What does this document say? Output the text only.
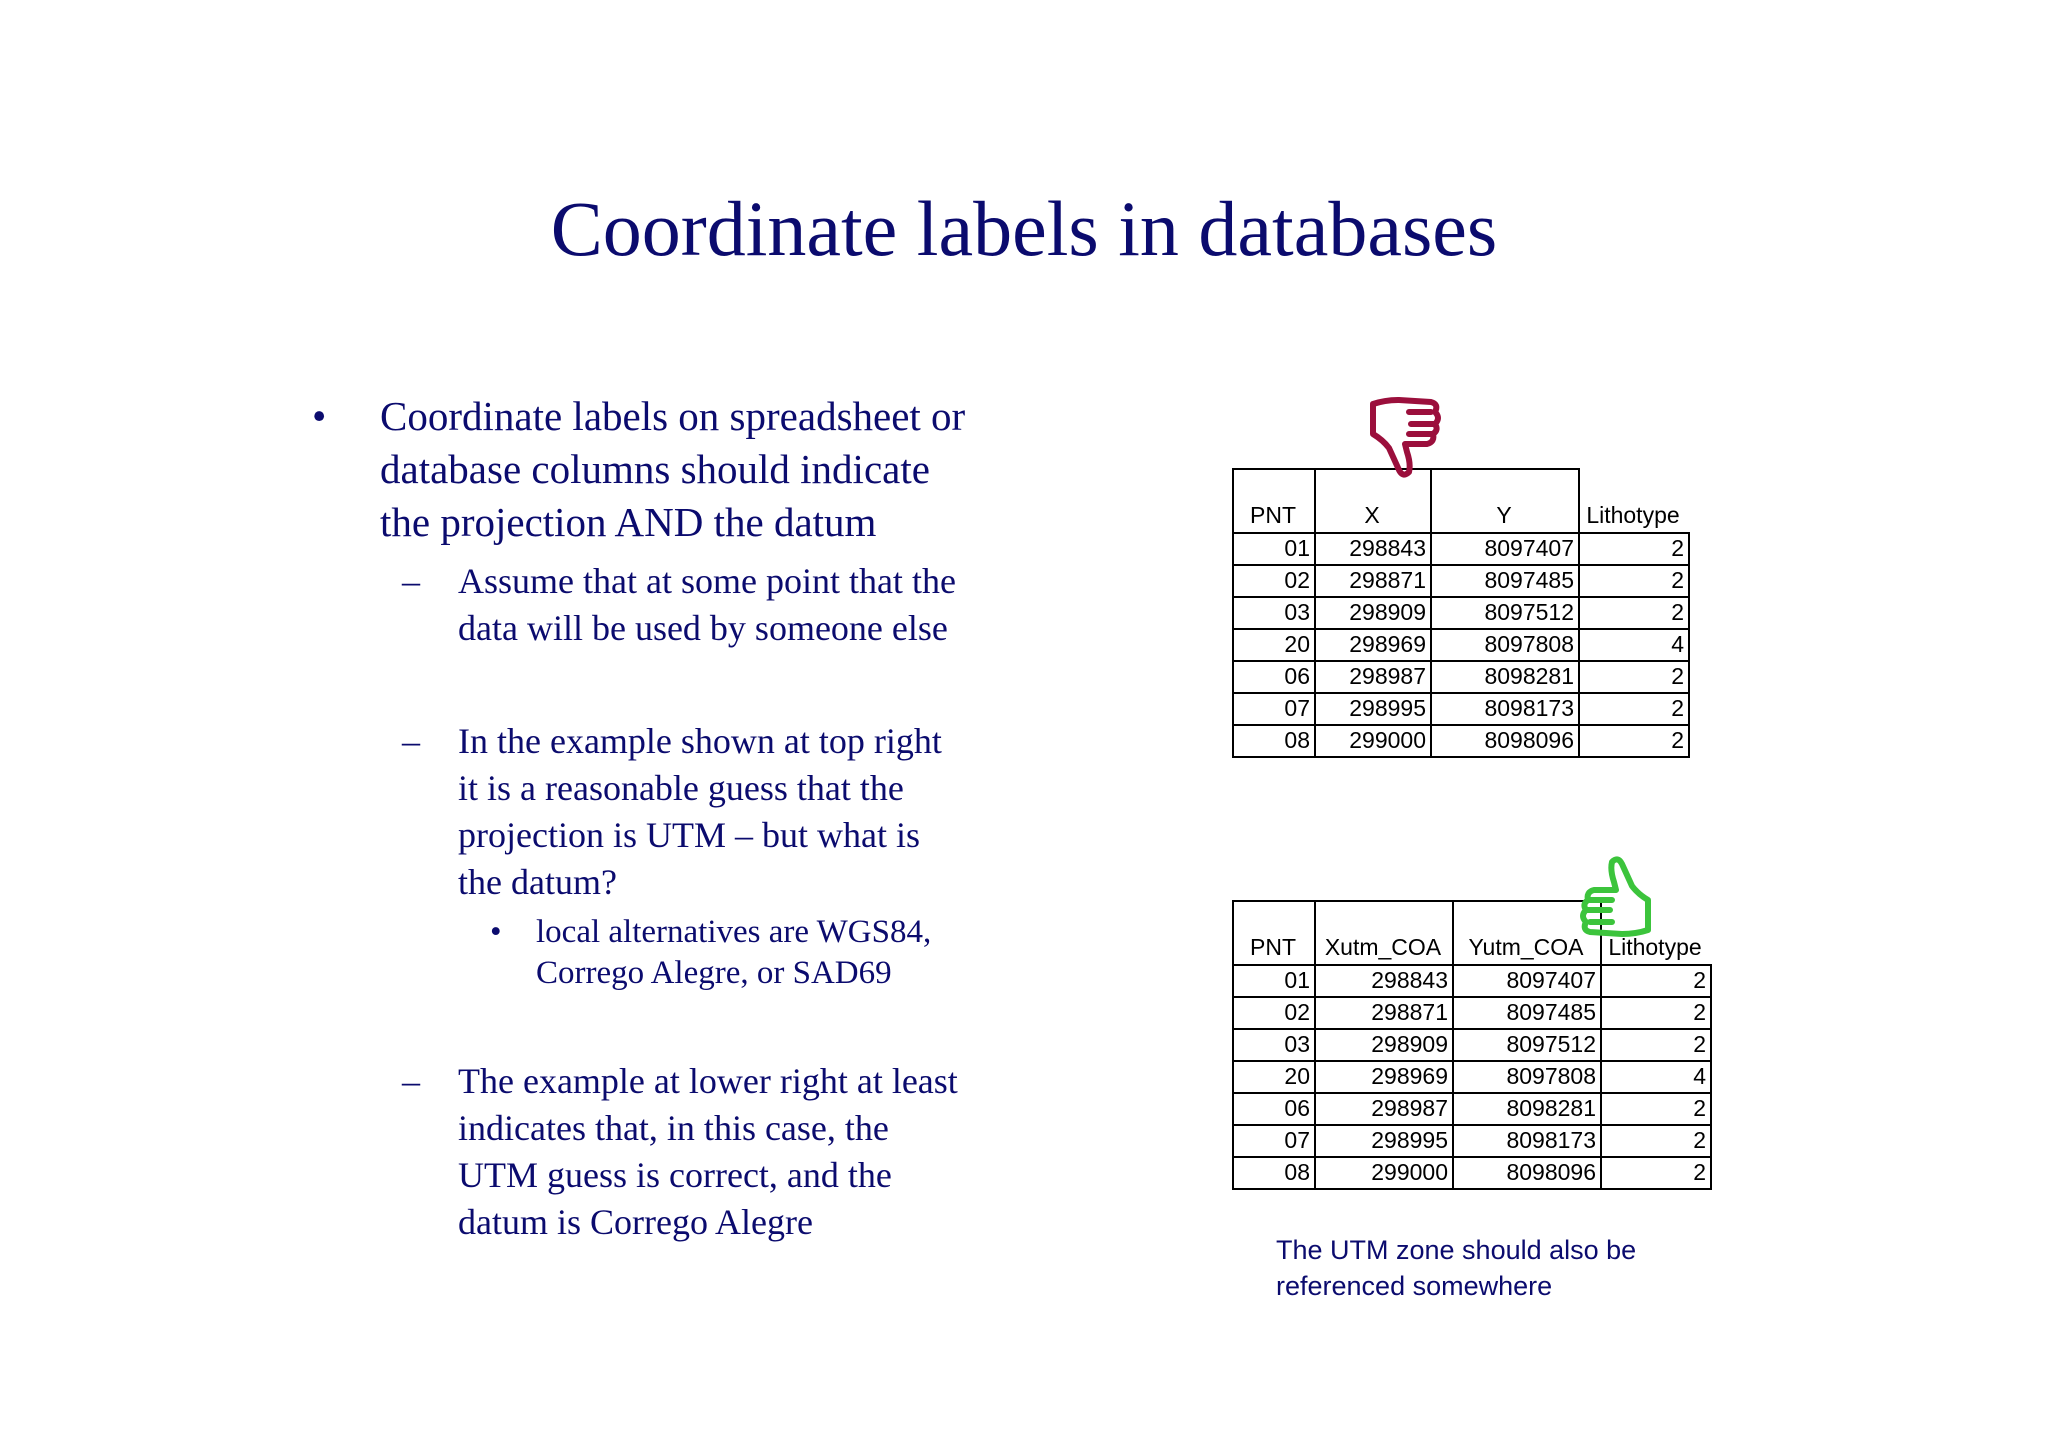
Coordinate labels in databases
• Coordinate labels on spreadsheet or
database columns should indicate
the projection AND the datum
– Assume that at some point that the
data will be used by someone else
– In the example shown at top right
it is a reasonable guess that the
projection is UTM – but what is
the datum?
• local alternatives are WGS84,
Corrego Alegre, or SAD69
– The example at lower right at least
indicates that, in this case, the
UTM guess is correct, and the
datum is Corrego Alegre
PNT	X	Y	Lithotype
01	298843	8097407	2
02	298871	8097485	2
03	298909	8097512	2
20	298969	8097808	4
06	298987	8098281	2
07	298995	8098173	2
08	299000	8098096	2
PNT	Xutm_COA	Yutm_COA	Lithotype
01	298843	8097407	2
02	298871	8097485	2
03	298909	8097512	2
20	298969	8097808	4
06	298987	8098281	2
07	298995	8098173	2
08	299000	8098096	2
The UTM zone should also be
referenced somewhere
